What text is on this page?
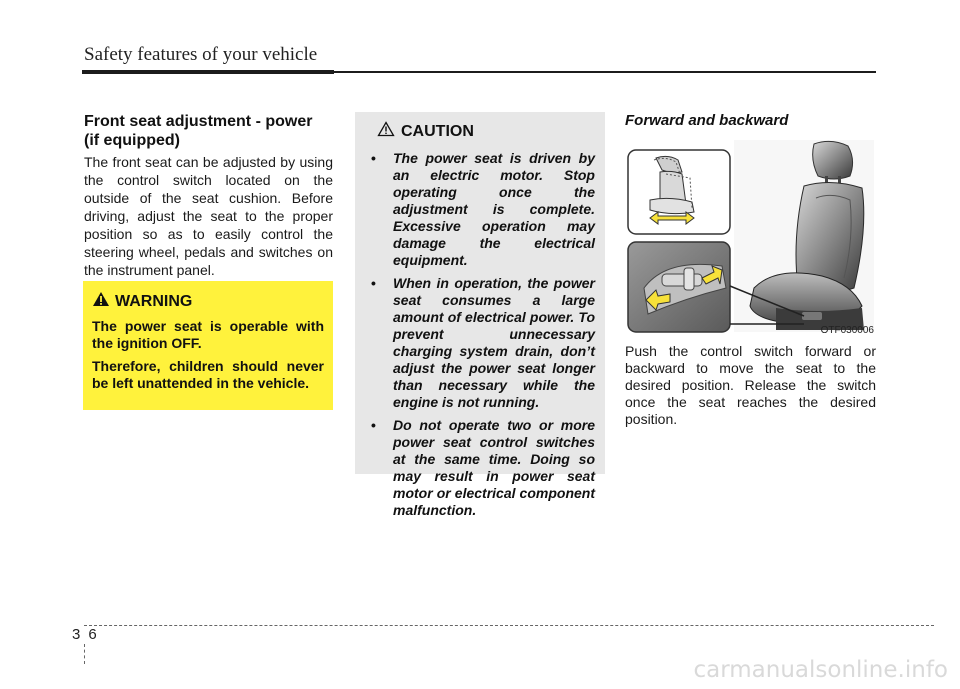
Safety features of your vehicle
Front seat adjustment - power
(if equipped)
The front seat can be adjusted by using the control switch located on the outside of the seat cushion. Before driving, adjust the seat to the proper position so as to easily control the steering wheel, pedals and switches on the instrument panel.
WARNING

The power seat is operable with the ignition OFF.

Therefore, children should never be left unattended in the vehicle.

CAUTION
• The power seat is driven by an electric motor. Stop operating once the adjustment is complete. Excessive operation may damage the electrical equipment.
• When in operation, the power seat consumes a large amount of electrical power. To prevent unnecessary charging system drain, don’t adjust the power seat longer than necessary while the engine is not running.
• Do not operate two or more power seat control switches at the same time. Doing so may result in power seat motor or electrical component malfunction.
Forward and backward
OTF030006
Push the control switch forward or backward to move the seat to the desired position. Release the switch once the seat reaches the desired position.
36
carmanualsonline.info
